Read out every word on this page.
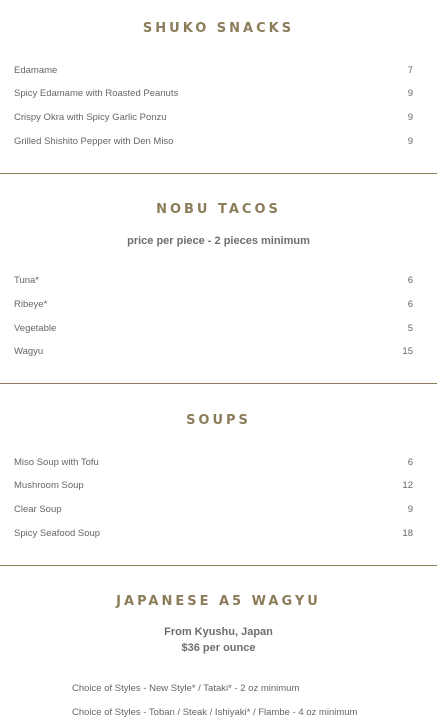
SHUKO SNACKS
Edamame	7
Spicy Edamame with Roasted Peanuts	9
Crispy Okra with Spicy Garlic Ponzu	9
Grilled Shishito Pepper with Den Miso	9
NOBU TACOS
price per piece - 2 pieces minimum
Tuna*	6
Ribeye*	6
Vegetable	5
Wagyu	15
SOUPS
Miso Soup with Tofu	6
Mushroom Soup	12
Clear Soup	9
Spicy Seafood Soup	18
JAPANESE A5 WAGYU
From Kyushu, Japan
$36 per ounce
Choice of Styles - New Style* / Tataki* - 2 oz minimum
Choice of Styles - Toban / Steak / Ishiyaki* / Flambe - 4 oz minimum
